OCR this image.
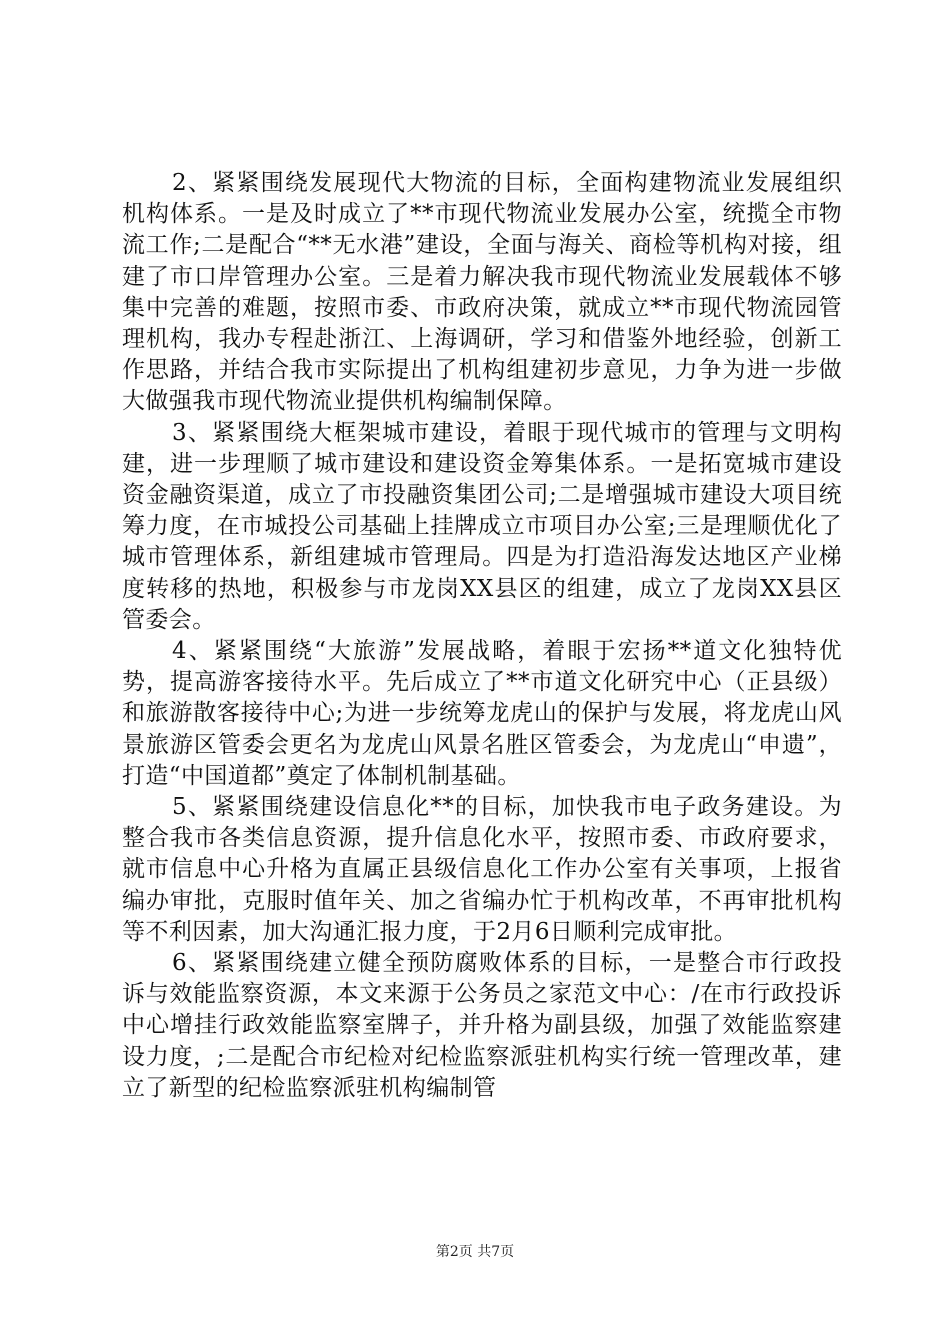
2、紧紧围绕发展现代大物流的目标，全面构建物流业发展组织机构体系。一是及时成立了**市现代物流业发展办公室，统揽全市物流工作;二是配合“**无水港”建设，全面与海关、商检等机构对接，组建了市口岸管理办公室。三是着力解决我市现代物流业发展载体不够集中完善的难题，按照市委、市政府决策，就成立**市现代物流园管理机构，我办专程赴浙江、上海调研，学习和借鉴外地经验，创新工作思路，并结合我市实际提出了机构组建初步意见，力争为进一步做大做强我市现代物流业提供机构编制保障。

3、紧紧围绕大框架城市建设，着眼于现代城市的管理与文明构建，进一步理顺了城市建设和建设资金筹集体系。一是拓宽城市建设资金融资渠道，成立了市投融资集团公司;二是增强城市建设大项目统筹力度，在市城投公司基础上挂牌成立市项目办公室;三是理顺优化了城市管理体系，新组建城市管理局。四是为打造沿海发达地区产业梯度转移的热地，积极参与市龙岗XX县区的组建，成立了龙岗XX县区管委会。

4、紧紧围绕“大旅游”发展战略，着眼于宏扬**道文化独特优势，提高游客接待水平。先后成立了**市道文化研究中心（正县级）和旅游散客接待中心;为进一步统筹龙虎山的保护与发展，将龙虎山风景旅游区管委会更名为龙虎山风景名胜区管委会，为龙虎山“申遗”，打造“中国道都”奠定了体制机制基础。

5、紧紧围绕建设信息化**的目标，加快我市电子政务建设。为整合我市各类信息资源，提升信息化水平，按照市委、市政府要求，就市信息中心升格为直属正县级信息化工作办公室有关事项，上报省编办审批，克服时值年关、加之省编办忙于机构改革，不再审批机构等不利因素，加大沟通汇报力度，于2月6日顺利完成审批。

6、紧紧围绕建立健全预防腐败体系的目标，一是整合市行政投诉与效能监察资源，本文来源于公务员之家范文中心：/在市行政投诉中心增挂行政效能监察室牌子，并升格为副县级，加强了效能监察建设力度，;二是配合市纪检对纪检监察派驻机构实行统一管理改革，建立了新型的纪检监察派驻机构编制管

第2页 共7页
